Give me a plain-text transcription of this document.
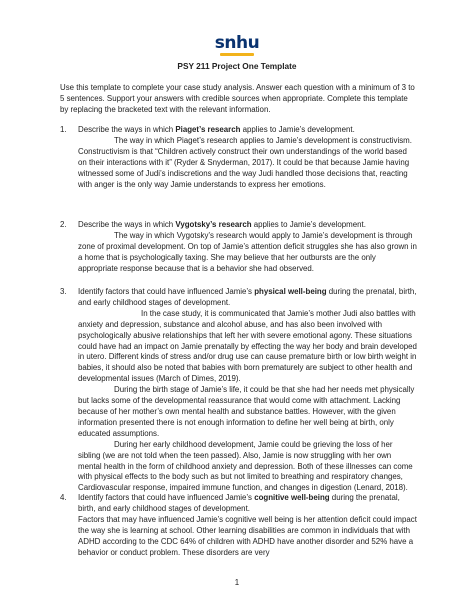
snhu
PSY 211 Project One Template
Use this template to complete your case study analysis. Answer each question with a minimum of 3 to 5 sentences. Support your answers with credible sources when appropriate. Complete this template by replacing the bracketed text with the relevant information.
1. Describe the ways in which Piaget’s research applies to Jamie’s development.
The way in which Piaget’s research applies to Jamie’s development is constructivism. Constructivism is that “Children actively construct their own understandings of the world based on their interactions with it” (Ryder & Snyderman, 2017). It could be that because Jamie having witnessed some of Judi’s indiscretions and the way Judi handled those decisions that, reacting with anger is the only way Jamie understands to express her emotions.
2. Describe the ways in which Vygotsky’s research applies to Jamie’s development.
The way in which Vygotsky’s research would apply to Jamie’s development is through zone of proximal development. On top of Jamie’s attention deficit struggles she has also grown in a home that is psychologically taxing. She may believe that her outbursts are the only appropriate response because that is a behavior she had observed.
3. Identify factors that could have influenced Jamie’s physical well-being during the prenatal, birth, and early childhood stages of development.
In the case study, it is communicated that Jamie’s mother Judi also battles with anxiety and depression, substance and alcohol abuse, and has also been involved with psychologically abusive relationships that left her with severe emotional agony. These situations could have had an impact on Jamie prenatally by effecting the way her body and brain developed in utero. Different kinds of stress and/or drug use can cause premature birth or low birth weight in babies, it should also be noted that babies with born prematurely are subject to other health and developmental issues (March of Dimes, 2019).
During the birth stage of Jamie’s life, it could be that she had her needs met physically but lacks some of the developmental reassurance that would come with attachment. Lacking because of her mother’s own mental health and substance battles. However, with the given information presented there is not enough information to define her well being at birth, only educated assumptions.
During her early childhood development, Jamie could be grieving the loss of her sibling (we are not told when the teen passed). Also, Jamie is now struggling with her own mental health in the form of childhood anxiety and depression. Both of these illnesses can come with physical effects to the body such as but not limited to breathing and respiratory changes, Cardiovascular response, impaired immune function, and changes in digestion (Lenard, 2018).
4. Identify factors that could have influenced Jamie’s cognitive well-being during the prenatal, birth, and early childhood stages of development.
Factors that may have influenced Jamie’s cognitive well being is her attention deficit could impact the way she is learning at school. Other learning disabilities are common in individuals that with ADHD according to the CDC 64% of children with ADHD have another disorder and 52% have a behavior or conduct problem. These disorders are very
1
